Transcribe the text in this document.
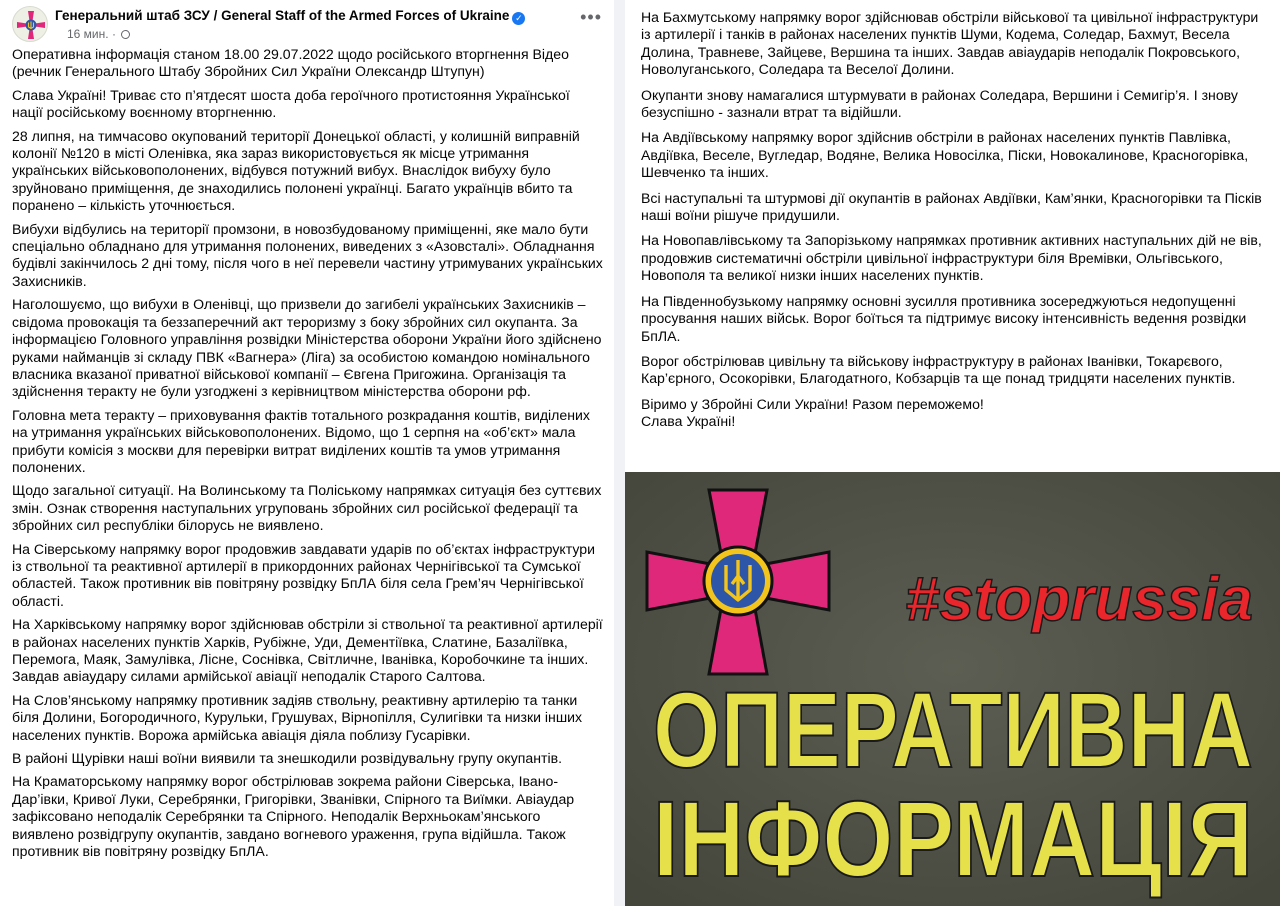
Генеральний штаб ЗСУ / General Staff of the Armed Forces of Ukraine ✓
16 мин. ·
•••

Оперативна інформація станом 18.00 29.07.2022 щодо російського вторгнення Відео (речник Генерального Штабу Збройних Сил України Олександр Штупун)

Слава Україні! Триває сто п’ятдесят шоста доба героїчного протистояння Української нації російському воєнному вторгненню.

28 липня, на тимчасово окупований території Донецької області, у колишній виправній колонії №120 в місті Оленівка, яка зараз використовується як місце утримання українських військовополонених, відбувся потужний вибух. Внаслідок вибуху було зруйновано приміщення, де знаходились полонені українці. Багато українців вбито та поранено – кількість уточнюється.

Вибухи відбулись на території промзони, в новозбудованому приміщенні, яке мало бути спеціально обладнано для утримання полонених, виведених з «Азовсталі». Обладнання будівлі закінчилось 2 дні тому, після чого в неї перевели частину утримуваних українських Захисників.

Наголошуємо, що вибухи в Оленівці, що призвели до загибелі українських Захисників – свідома провокація та беззаперечний акт тероризму з боку збройних сил окупанта. За інформацією Головного управління розвідки Міністерства оборони України його здійснено руками найманців зі складу ПВК «Вагнера» (Ліга) за особистою командою номінального власника вказаної приватної військової компанії – Євгена Пригожина. Організація та здійснення теракту не були узгоджені з керівництвом міністерства оборони рф.

Головна мета теракту – приховування фактів тотального розкрадання коштів, виділених на утримання українських військовополонених. Відомо, що 1 серпня на «об’єкт» мала прибути комісія з москви для перевірки витрат виділених коштів та умов утримання полонених.

Щодо загальної ситуації. На Волинському та Поліському напрямках ситуація без суттєвих змін. Ознак створення наступальних угруповань збройних сил російської федерації та збройних сил республіки білорусь не виявлено.

На Сіверському напрямку ворог продовжив завдавати ударів по об’єктах інфраструктури із ствольної та реактивної артилерії в прикордонних районах Чернігівської та Сумської областей. Також противник вів повітряну розвідку БпЛА біля села Грем’яч Чернігівської області.

На Харківському напрямку ворог здійснював обстріли зі ствольної та реактивної артилерії в районах населених пунктів Харків, Рубіжне, Уди, Дементіївка, Слатине, Базаліївка, Перемога, Маяк, Замулівка, Лісне, Соснівка, Світличне, Іванівка, Коробочкине та інших. Завдав авіаудару силами армійської авіації неподалік Старого Салтова.

На Слов’янському напрямку противник задіяв ствольну, реактивну артилерію та танки біля Долини, Богородичного, Курульки, Грушуваx, Вірнопілля, Сулигівки та низки інших населених пунктів. Ворожа армійська авіація діяла поблизу Гусарівки.

В районі Щурівки наші воїни виявили та знешкодили розвідувальну групу окупантів.

На Краматорському напрямку ворог обстрілював зокрема райони Сіверська, Івано-Дар’івки, Кривої Луки, Серебрянки, Григорівки, Званівки, Спірного та Виїмки. Авіаудар зафіксовано неподалік Серебрянки та Спірного. Неподалік Верхньокам’янського виявлено розвідгрупу окупантів, завдано вогневого ураження, група відійшла. Також противник вів повітряну розвідку БпЛА.

На Бахмутському напрямку ворог здійснював обстріли військової та цивільної інфраструктури із артилерії і танків в районах населених пунктів Шуми, Кодема, Соледар, Бахмут, Весела Долина, Травневе, Зайцеве, Вершина та інших. Завдав авіаударів неподалік Покровського, Новолуганського, Соледара та Веселої Долини.

Окупанти знову намагалися штурмувати в районах Соледара, Вершини і Семигір’я. І знову безуспішно - зазнали втрат та відійшли.

На Авдіївському напрямку ворог здійснив обстріли в районах населених пунктів Павлівка, Авдіївка, Веселе, Вугледар, Водяне, Велика Новосілка, Піски, Новокалинове, Красногорівка, Шевченко та інших.

Всі наступальні та штурмові дії окупантів в районах Авдіївки, Кам’янки, Красногорівки та Пісків наші воїни рішуче придушили.

На Новопавлівському та Запорізькому напрямках противник активних наступальних дій не вів, продовжив систематичні обстріли цивільної інфраструктури біля Времівки, Ольгівського, Новополя та великої низки інших населених пунктів.

На Південнобузькому напрямку основні зусилля противника зосереджуються недопущенні просування наших військ. Ворог боїться та підтримує високу інтенсивність ведення розвідки БпЛА.

Ворог обстрілював цивільну та військову інфраструктуру в районах Іванівки, Токарєвого, Кар’єрного, Осокорівки, Благодатного, Кобзарців та ще понад тридцяти населених пунктів.

Віримо у Збройні Сили України! Разом переможемо!
Слава Україні!

#stoprussia
ОПЕРАТИВНА
ІНФОРМАЦІЯ
